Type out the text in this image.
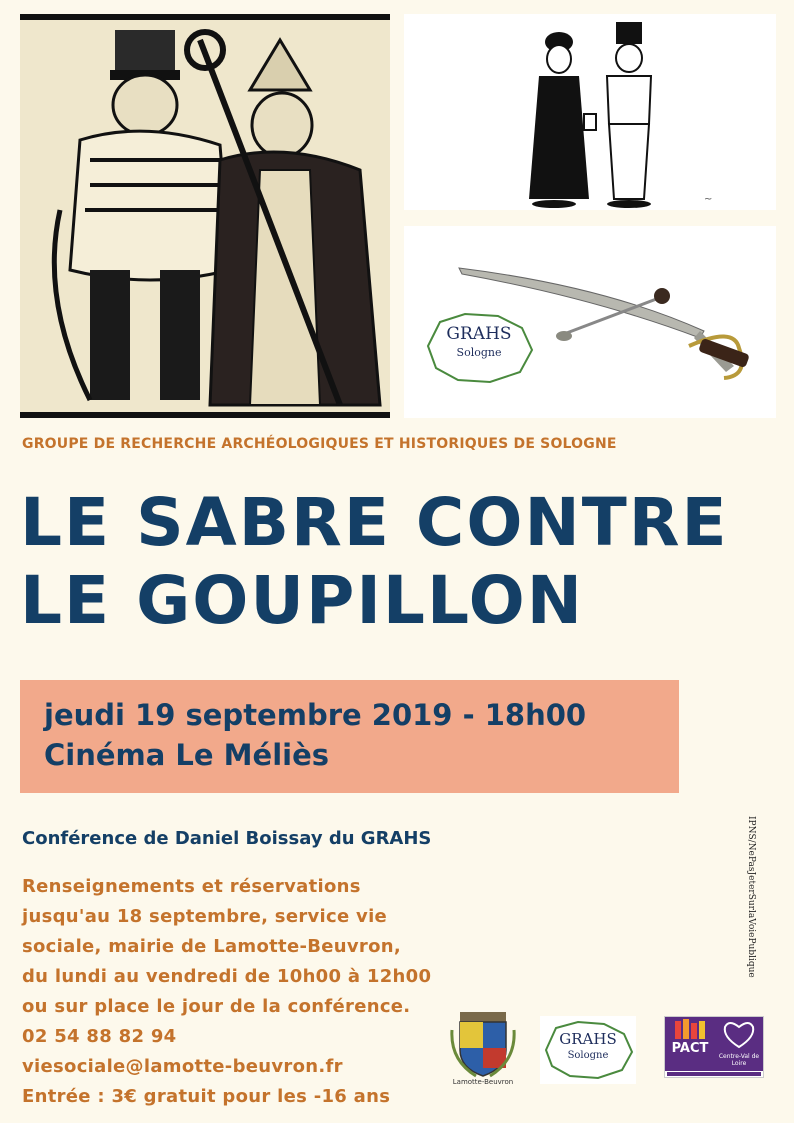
~
GRAHS
Sologne
GROUPE DE RECHERCHE ARCHÉOLOGIQUES ET HISTORIQUES DE SOLOGNE
LE SABRE CONTRE
LE GOUPILLON
jeudi 19 septembre 2019 - 18h00
Cinéma Le Méliès
Conférence de Daniel Boissay du GRAHS
Renseignements et réservations
jusqu'au 18 septembre, service vie
sociale, mairie de Lamotte-Beuvron,
du lundi au vendredi de 10h00 à 12h00
ou sur place le jour de la conférence.
02 54 88 82 94
viesociale@lamotte-beuvron.fr
Entrée : 3€ gratuit pour les -16 ans
IPNS/NePasJeterSurlaVoiePublique
Lamotte-Beuvron
GRAHS
Sologne	PACT
Centre-Val de Loire
